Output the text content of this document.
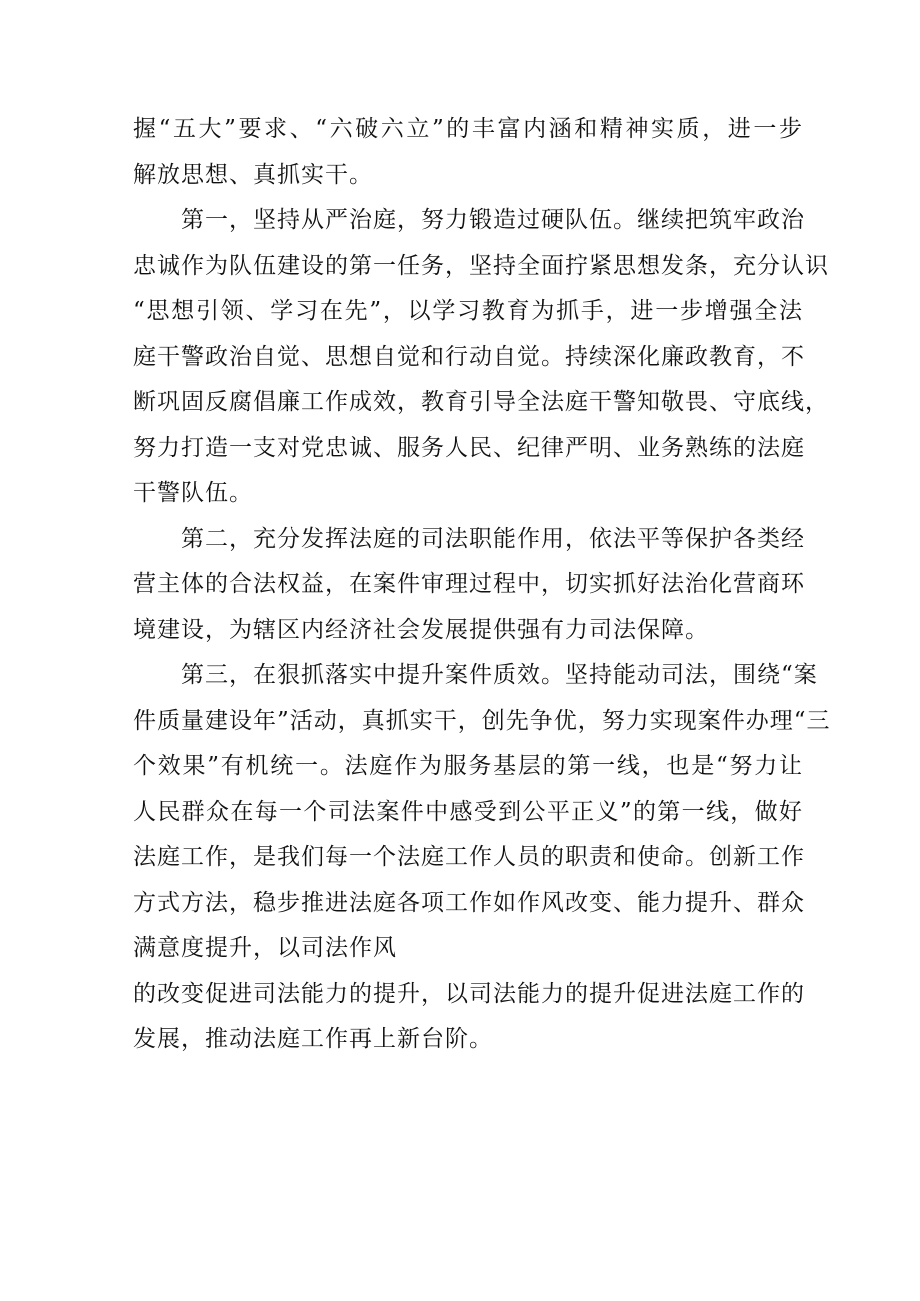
握“五大”要求、“六破六立”的丰富内涵和精神实质，进一步
解放思想、真抓实干。
第一，坚持从严治庭，努力锻造过硬队伍。继续把筑牢政治
忠诚作为队伍建设的第一任务，坚持全面拧紧思想发条，充分认识
“思想引领、学习在先”，以学习教育为抓手，进一步增强全法
庭干警政治自觉、思想自觉和行动自觉。持续深化廉政教育，不
断巩固反腐倡廉工作成效，教育引导全法庭干警知敬畏、守底线，
努力打造一支对党忠诚、服务人民、纪律严明、业务熟练的法庭
干警队伍。
第二，充分发挥法庭的司法职能作用，依法平等保护各类经
营主体的合法权益，在案件审理过程中，切实抓好法治化营商环
境建设，为辖区内经济社会发展提供强有力司法保障。
第三，在狠抓落实中提升案件质效。坚持能动司法，围绕“案
件质量建设年”活动，真抓实干，创先争优，努力实现案件办理“三
个效果”有机统一。法庭作为服务基层的第一线，也是“努力让
人民群众在每一个司法案件中感受到公平正义”的第一线，做好
法庭工作，是我们每一个法庭工作人员的职责和使命。创新工作
方式方法，稳步推进法庭各项工作如作风改变、能力提升、群众
满意度提升，以司法作风
的改变促进司法能力的提升，以司法能力的提升促进法庭工作的
发展，推动法庭工作再上新台阶。
